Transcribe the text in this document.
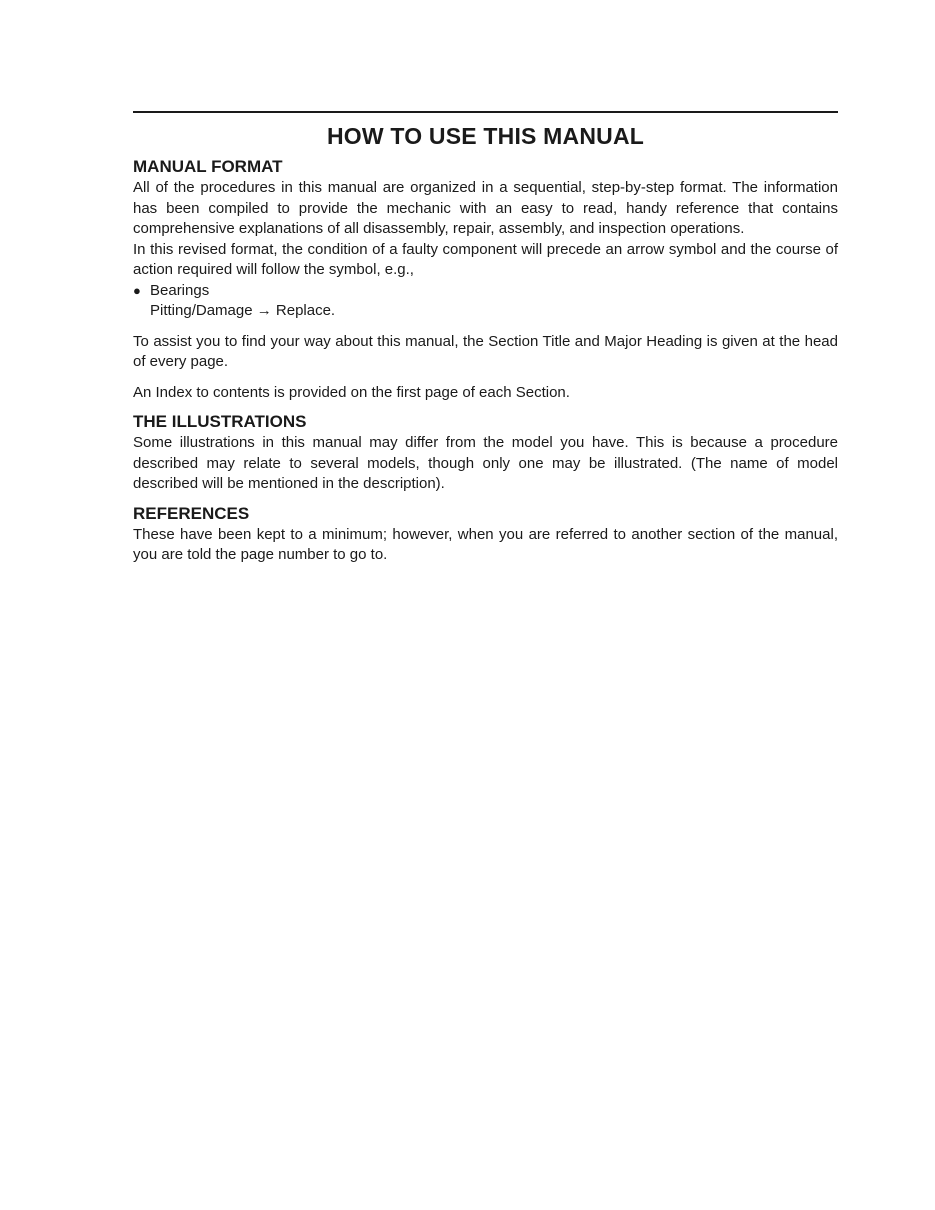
HOW TO USE THIS MANUAL
MANUAL FORMAT

All of the procedures in this manual are organized in a sequential, step-by-step format. The information has been compiled to provide the mechanic with an easy to read, handy reference that contains comprehensive explanations of all disassembly, repair, assembly, and inspection operations.

In this revised format, the condition of a faulty component will precede an arrow symbol and the course of action required will follow the symbol, e.g.,

● Bearings
Pitting/Damage → Replace.

To assist you to find your way about this manual, the Section Title and Major Heading is given at the head of every page.

An Index to contents is provided on the first page of each Section.

THE ILLUSTRATIONS

Some illustrations in this manual may differ from the model you have. This is because a procedure described may relate to several models, though only one may be illustrated. (The name of model described will be mentioned in the description).

REFERENCES

These have been kept to a minimum; however, when you are referred to another section of the manual, you are told the page number to go to.
